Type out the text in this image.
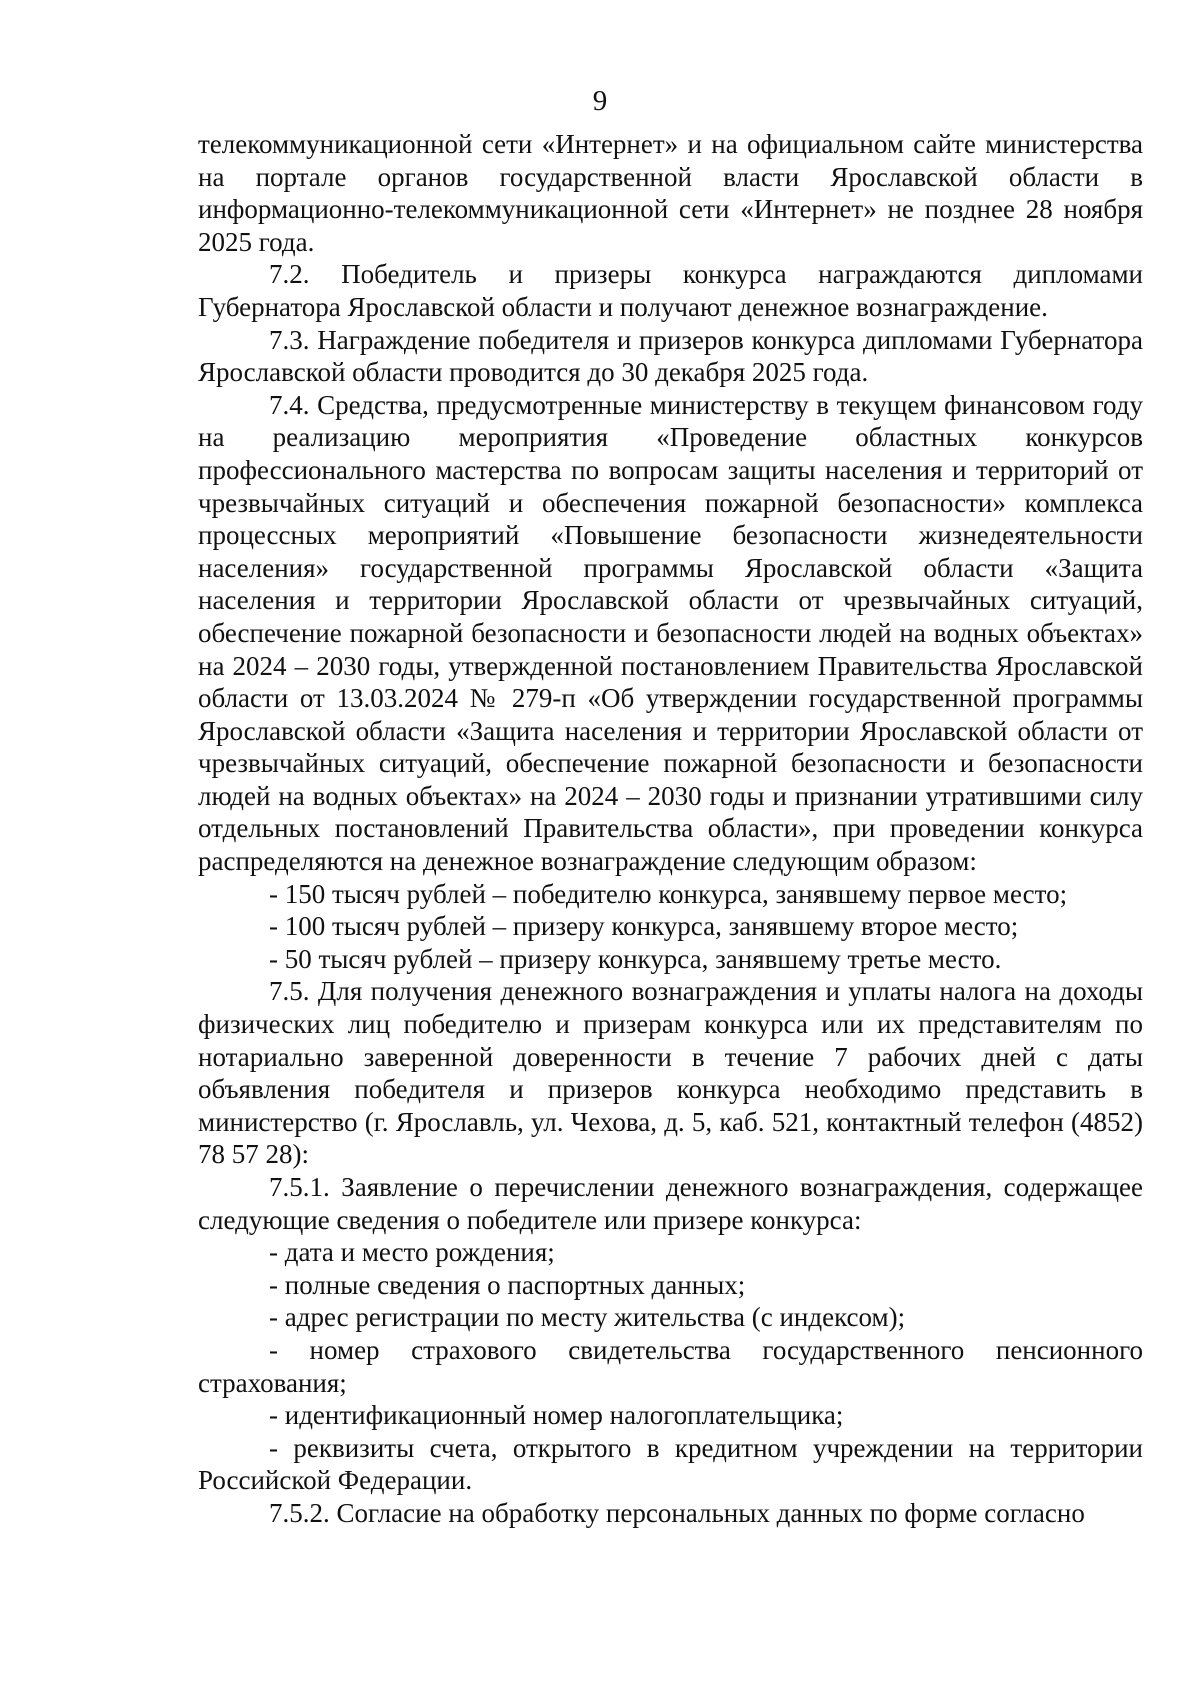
9

телекоммуникационной сети «Интернет» и на официальном сайте министерства на портале органов государственной власти Ярославской области в информационно-телекоммуникационной сети «Интернет» не позднее 28 ноября 2025 года.

7.2. Победитель и призеры конкурса награждаются дипломами Губернатора Ярославской области и получают денежное вознаграждение.

7.3. Награждение победителя и призеров конкурса дипломами Губернатора Ярославской области проводится до 30 декабря 2025 года.

7.4. Средства, предусмотренные министерству в текущем финансовом году на реализацию мероприятия «Проведение областных конкурсов профессионального мастерства по вопросам защиты населения и территорий от чрезвычайных ситуаций и обеспечения пожарной безопасности» комплекса процессных мероприятий «Повышение безопасности жизнедеятельности населения» государственной программы Ярославской области «Защита населения и территории Ярославской области от чрезвычайных ситуаций, обеспечение пожарной безопасности и безопасности людей на водных объектах» на 2024 – 2030 годы, утвержденной постановлением Правительства Ярославской области от 13.03.2024 № 279-п «Об утверждении государственной программы Ярославской области «Защита населения и территории Ярославской области от чрезвычайных ситуаций, обеспечение пожарной безопасности и безопасности людей на водных объектах» на 2024 – 2030 годы и признании утратившими силу отдельных постановлений Правительства области», при проведении конкурса распределяются на денежное вознаграждение следующим образом:

- 150 тысяч рублей – победителю конкурса, занявшему первое место;

- 100 тысяч рублей – призеру конкурса, занявшему второе место;

- 50 тысяч рублей – призеру конкурса, занявшему третье место.

7.5. Для получения денежного вознаграждения и уплаты налога на доходы физических лиц победителю и призерам конкурса или их представителям по нотариально заверенной доверенности в течение 7 рабочих дней с даты объявления победителя и призеров конкурса необходимо представить в министерство (г. Ярославль, ул. Чехова, д. 5, каб. 521, контактный телефон (4852) 78 57 28):

7.5.1. Заявление о перечислении денежного вознаграждения, содержащее следующие сведения о победителе или призере конкурса:

- дата и место рождения;

- полные сведения о паспортных данных;

- адрес регистрации по месту жительства (с индексом);

- номер страхового свидетельства государственного пенсионного страхования;

- идентификационный номер налогоплательщика;

- реквизиты счета, открытого в кредитном учреждении на территории Российской Федерации.

7.5.2. Согласие на обработку персональных данных по форме согласно
